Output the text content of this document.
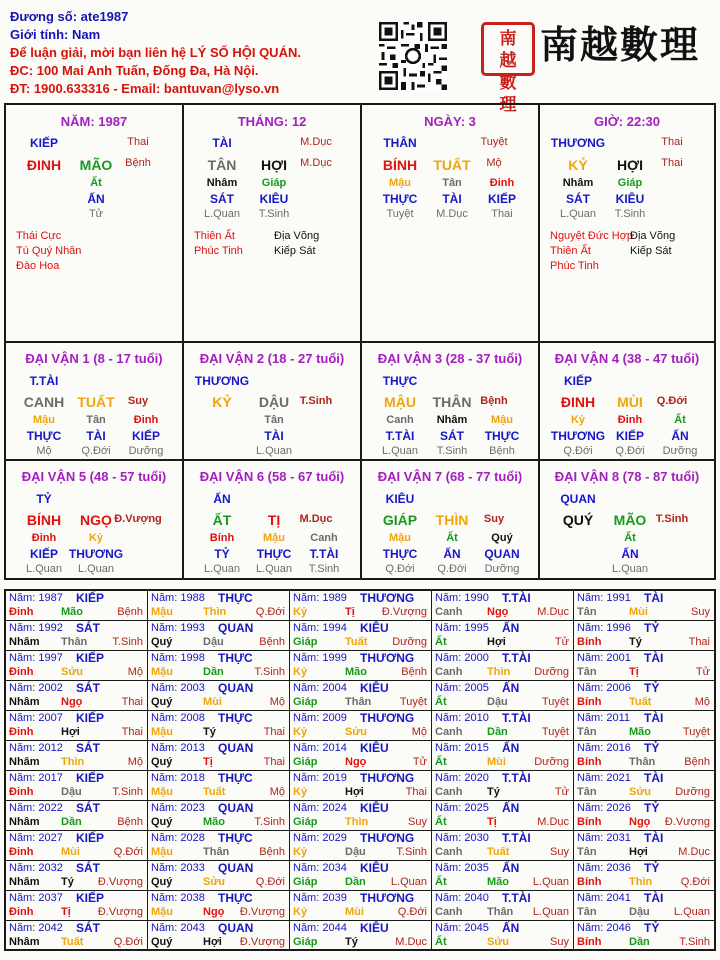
Đương số: ate1987
Giới tính: Nam
Để luận giải, mời bạn liên hệ LÝ SỐ HỘI QUÁN.
ĐC: 100 Mai Anh Tuấn, Đống Đa, Hà Nội.
ĐT: 1900.633316 - Email: bantuvan@lyso.vn
南
越
數
理
南越數理
NĂM: 1987
KIẾP	Thai
ĐINH	MÃO	Bệnh
Ất
ẤN
Tử
Thái Cực
Tú Quý Nhân
Đào Hoa
THÁNG: 12
TÀI	M.Dục
TÂN	HỢI	M.Dục
Nhâm
SÁT
L.Quan
Giáp
KIÊU
T.Sinh
Thiên Ất
Phúc Tinh
Địa Võng
Kiếp Sát
NGÀY: 3
THÂN	Tuyệt
BÍNH	TUẤT	Mộ
Mậu
THỰC
Tuyệt
Tân
TÀI
M.Dục
Đinh
KIẾP
Thai
GIỜ: 22:30
THƯƠNG	Thai
KỶ	HỢI	Thai
Nhâm
SÁT
L.Quan
Giáp
KIÊU
T.Sinh
Nguyệt Đức Hợp
Thiên Ất
Phúc Tinh
Địa Võng
Kiếp Sát
ĐẠI VẬN 1 (8 - 17 tuổi)
T.TÀI
CANH TUẤT	Suy
Mậu
THỰC
Mộ
Tân
TÀI
Q.Đới
Đinh
KIẾP
Dưỡng
ĐẠI VẬN 2 (18 - 27 tuổi)
THƯƠNG
KỶ	DẬU T.Sinh
Tân
TÀI
L.Quan
ĐẠI VẬN 3 (28 - 37 tuổi)
THỰC
MẬU	THÂN Bệnh
Canh
T.TÀI
L.Quan
Nhâm
SÁT
T.Sinh
Mậu
THỰC
Bệnh
ĐẠI VẬN 4 (38 - 47 tuổi)
KIẾP
ĐINH	MÙI	Q.Đới
Kỷ
THƯƠNG
Q.Đới
Đinh
KIẾP
Q.Đới
Ất
ẤN
Dưỡng
ĐẠI VẬN 5 (48 - 57 tuổi)
TỶ
BÍNH	NGỌ Đ.Vượng
Đinh
KIẾP
L.Quan
Kỷ
THƯƠNG
L.Quan
ĐẠI VẬN 6 (58 - 67 tuổi)
ẤN
ẤT	TỊ	M.Dục
Bính
TỶ
L.Quan
Mậu
THỰC
L.Quan
Canh
T.TÀI
T.Sinh
ĐẠI VẬN 7 (68 - 77 tuổi)
KIÊU
GIÁP	THÌN	Suy
Mậu
THỰC
Q.Đới
Ất
ẤN
Q.Đới
Quý
QUAN
Dưỡng
ĐẠI VẬN 8 (78 - 87 tuổi)
QUAN
QUÝ	MÃO T.Sinh
Ất
ẤN
L.Quan
Năm: 1987 KIẾP
Đinh	Mão	Bệnh
Năm: 1988 THỰC
Mậu	Thìn	Q.Đới
Năm: 1989 THƯƠNG
Kỷ	Tị Đ.Vượng
Năm: 1990 T.TÀI
Canh Ngọ	M.Dục
Năm: 1991 TÀI
Tân	Mùi	Suy
Năm: 1992 SÁT
Nhâm Thân T.Sinh
Năm: 1993 QUAN
Quý	Dậu	Bệnh
Năm: 1994 KIÊU
Giáp	Tuất Dưỡng
Năm: 1995 ẤN
Ất	Hợi	Tử
Năm: 1996 TỶ
Bính	Tý	Thai
Năm: 1997 KIẾP
Đinh	Sửu	Mộ
Năm: 1998 THỰC
Mậu	Dần	T.Sinh
Năm: 1999 THƯƠNG
Kỷ	Mão	Bệnh
Năm: 2000 T.TÀI
Canh Thìn Dưỡng
Năm: 2001 TÀI
Tân	Tị	Tử
Năm: 2002 SÁT
Nhâm Ngọ	Thai
Năm: 2003 QUAN
Quý	Mùi	Mộ
Năm: 2004 KIÊU
Giáp	Thân	Tuyệt
Năm: 2005 ẤN
Ất	Dậu	Tuyệt
Năm: 2006 TỶ
Bính	Tuất	Mộ
Năm: 2007 KIẾP
Đinh	Hợi	Thai
Năm: 2008 THỰC
Mậu	Tý	Thai
Năm: 2009 THƯƠNG
Kỷ	Sửu	Mộ
Năm: 2010 T.TÀI
Canh Dần	Tuyệt
Năm: 2011 TÀI
Tân	Mão	Tuyệt
Năm: 2012 SÁT
Nhâm Thìn	Mộ
Năm: 2013 QUAN
Quý	Tị	Thai
Năm: 2014 KIÊU
Giáp	Ngọ	Tử
Năm: 2015 ẤN
Ất	Mùi	Dưỡng
Năm: 2016 TỶ
Bính	Thân	Bệnh
Năm: 2017 KIẾP
Đinh	Dậu	T.Sinh
Năm: 2018 THỰC
Mậu	Tuất	Mộ
Năm: 2019 THƯƠNG
Kỷ	Hợi	Thai
Năm: 2020 T.TÀI
Canh Tý	Tử
Năm: 2021 TÀI
Tân	Sửu Dưỡng
Năm: 2022 SÁT
Nhâm Dần	Bệnh
Năm: 2023 QUAN
Quý	Mão	T.Sinh
Năm: 2024 KIÊU
Giáp	Thìn	Suy
Năm: 2025 ẤN
Ất	Tị	M.Dục
Năm: 2026 TỶ
Bính	Ngọ Đ.Vượng
Năm: 2027 KIẾP
Đinh	Mùi	Q.Đới
Năm: 2028 THỰC
Mậu	Thân	Bệnh
Năm: 2029 THƯƠNG
Kỷ	Dậu	T.Sinh
Năm: 2030 T.TÀI
Canh Tuất	Suy
Năm: 2031 TÀI
Tân	Hợi	M.Dục
Năm: 2032 SÁT
Nhâm Tý Đ.Vượng
Năm: 2033 QUAN
Quý	Sửu	Q.Đới
Năm: 2034 KIÊU
Giáp	Dần L.Quan
Năm: 2035 ẤN
Ất	Mão L.Quan
Năm: 2036 TỶ
Bính	Thìn	Q.Đới
Năm: 2037 KIẾP
Đinh	Tị Đ.Vượng
Năm: 2038 THỰC
Mậu	Ngọ Đ.Vượng
Năm: 2039 THƯƠNG
Kỷ	Mùi	Q.Đới
Năm: 2040 T.TÀI
Canh Thân L.Quan
Năm: 2041 TÀI
Tân	Dậu L.Quan
Năm: 2042 SÁT
Nhâm Tuất	Q.Đới
Năm: 2043 QUAN
Quý	Hợi Đ.Vượng
Năm: 2044 KIÊU
Giáp	Tý	M.Dục
Năm: 2045 ẤN
Ất	Sửu	Suy
Năm: 2046 TỶ
Bính	Dần	T.Sinh
